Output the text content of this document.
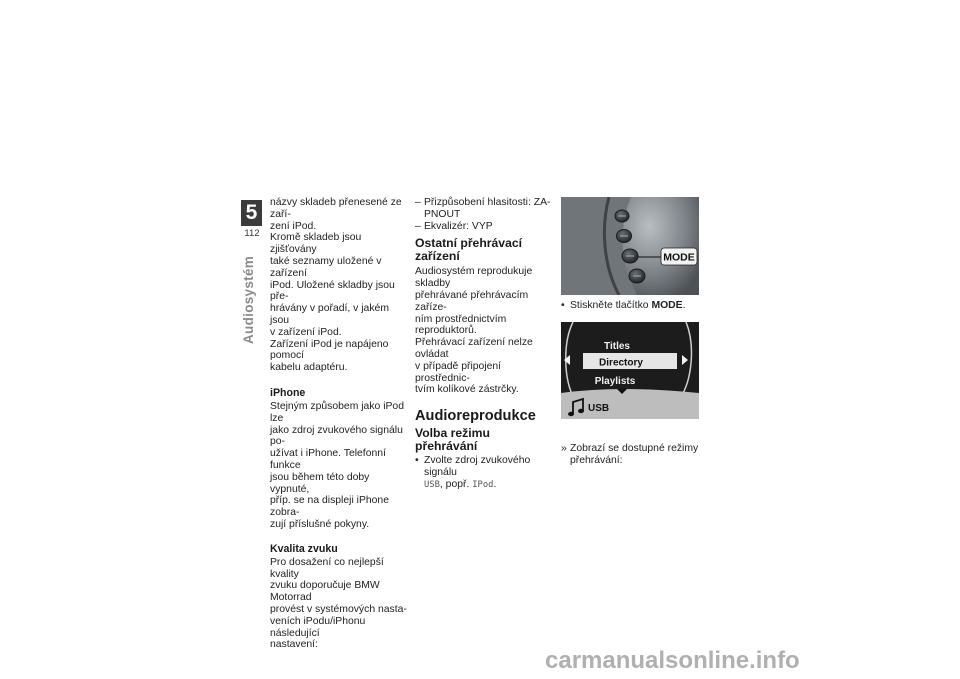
5
112
Audiosystém
názvy skladeb přenesené ze zaří-
zení iPod.
Kromě skladeb jsou zjišťovány
také seznamy uložené v zařízení
iPod. Uložené skladby jsou pře-
hrávány v pořadí, v jakém jsou
v zařízení iPod.
Zařízení iPod je napájeno pomocí
kabelu adaptéru.

iPhone

Stejným způsobem jako iPod lze
jako zdroj zvukového signálu po-
užívat i iPhone. Telefonní funkce
jsou během této doby vypnuté,
příp. se na displeji iPhone zobra-
zují příslušné pokyny.

Kvalita zvuku

Pro dosažení co nejlepší kvality
zvuku doporučuje BMW Motorrad
provést v systémových nasta-
veních iPodu/iPhonu následující
nastavení:
– Přizpůsobení hlasitosti: ZA-
PNOUT
– Ekvalizér: VYP
Ostatní přehrávací
zařízení
Audiosystém reprodukuje skladby
přehrávané přehrávacím zaříze-
ním prostřednictvím reproduktorů.
Přehrávací zařízení nelze ovládat
v případě připojení prostřednic-
tvím kolíkové zástrčky.

Audioreprodukce

Volba režimu přehrávání

• Zvolte zdroj zvukového signálu
USB, popř. IPod.
MODE
• Stiskněte tlačítko MODE.
Titles
Directory
Playlists
USB
» Zobrazí se dostupné režimy
přehrávání:
carmanualsonline.info
